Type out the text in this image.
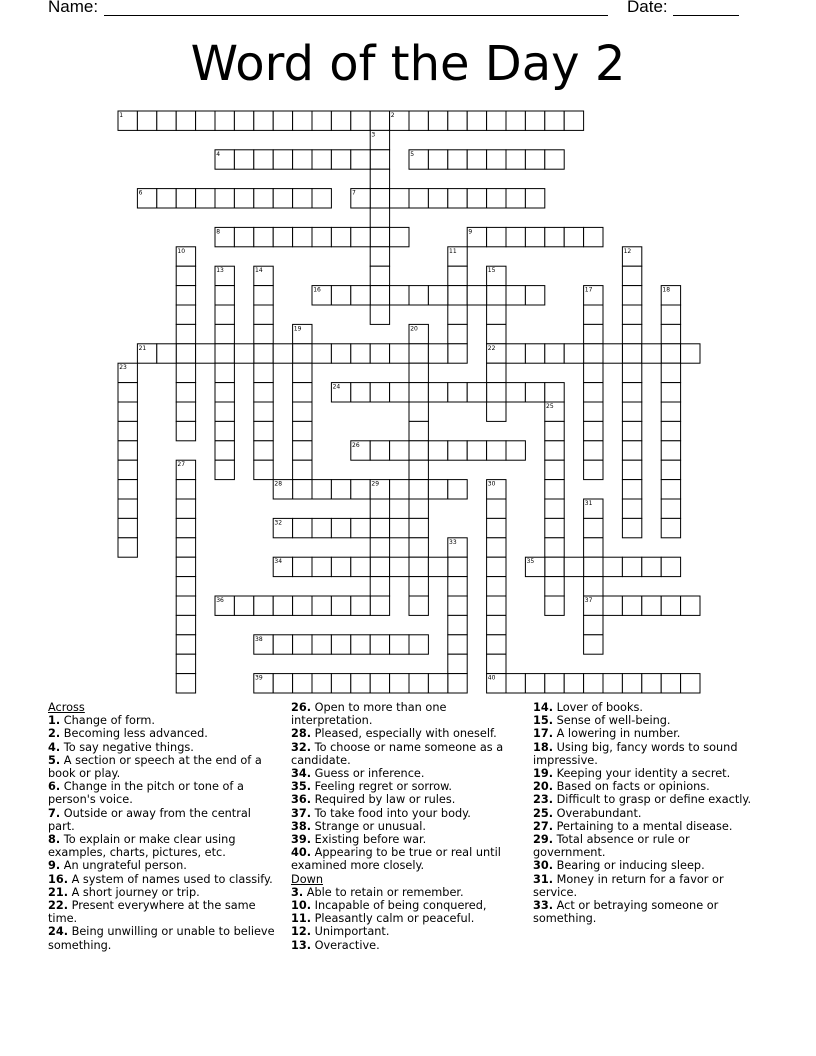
Name:	Date:
Word of the Day 2
1	2
3
4	5
6	7
8	9
10	11	12
13	14	15
16	17	18
19	20
21	22
23
24
25
26
27
28	29	30
31
32
33
34	35
36	37
38
39	40
Across
1. Change of form.
2. Becoming less advanced.
4. To say negative things.
5. A section or speech at the end of a book or play.
6. Change in the pitch or tone of a person's voice.
7. Outside or away from the central part.
8. To explain or make clear using examples, charts, pictures, etc.
9. An ungrateful person.
16. A system of names used to classify.
21. A short journey or trip.
22. Present everywhere at the same time.
24. Being unwilling or unable to believe something.
26. Open to more than one interpretation.
28. Pleased, especially with oneself.
32. To choose or name someone as a candidate.
34. Guess or inference.
35. Feeling regret or sorrow.
36. Required by law or rules.
37. To take food into your body.
38. Strange or unusual.
39. Existing before war.
40. Appearing to be true or real until examined more closely.
Down
3. Able to retain or remember.
10. Incapable of being conquered,
11. Pleasantly calm or peaceful.
12. Unimportant.
13. Overactive.
14. Lover of books.
15. Sense of well-being.
17. A lowering in number.
18. Using big, fancy words to sound impressive.
19. Keeping your identity a secret.
20. Based on facts or opinions.
23. Difficult to grasp or define exactly.
25. Overabundant.
27. Pertaining to a mental disease.
29. Total absence or rule or government.
30. Bearing or inducing sleep.
31. Money in return for a favor or service.
33. Act or betraying someone or something.
